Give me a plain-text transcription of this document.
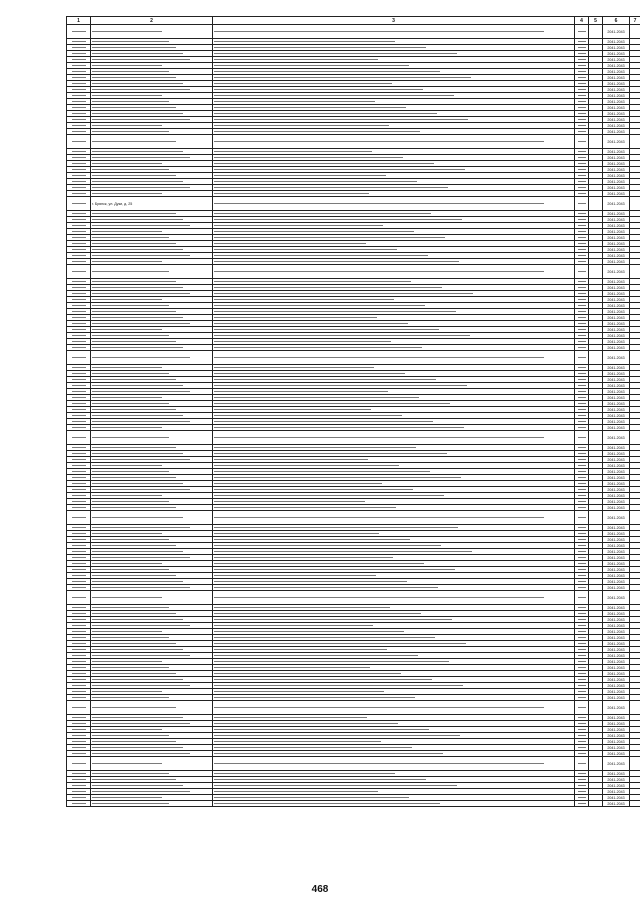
1	2	3	4	5	6	7
					2041-2043	
					2041-2043	
					2041-2043	
					2041-2043	
					2041-2043	
					2041-2043	
					2041-2043	
					2041-2043	
					2041-2043	
					2041-2043	
					2041-2043	
					2041-2043	
					2041-2043	
					2041-2043	
					2041-2043	
					2041-2043	
					2041-2043	
					2041-2043	
					2041-2043	
					2041-2043	
					2041-2043	
					2041-2043	
					2041-2043	
					2041-2043	
					2041-2043	
					2041-2043	
	г. Брянск, ул. Дуки, д. 25				2041-2043	
					2041-2043	
					2041-2043	
					2041-2043	
					2041-2043	
					2041-2043	
					2041-2043	
					2041-2043	
					2041-2043	
					2041-2043	
					2041-2043	
					2041-2043	
					2041-2043	
					2041-2043	
					2041-2043	
					2041-2043	
					2041-2043	
					2041-2043	
					2041-2043	
					2041-2043	
					2041-2043	
					2041-2043	
					2041-2043	
					2041-2043	
					2041-2043	
					2041-2043	
					2041-2043	
					2041-2043	
					2041-2043	
					2041-2043	
					2041-2043	
					2041-2043	
					2041-2043	
					2041-2043	
					2041-2043	
					2041-2043	
					2041-2043	
					2041-2043	
					2041-2043	
					2041-2043	
					2041-2043	
					2041-2043	
					2041-2043	
					2041-2043	
					2041-2043	
					2041-2043	
					2041-2043	
					2041-2043	
					2041-2043	
					2041-2043	
					2041-2043	
					2041-2043	
					2041-2043	
					2041-2043	
					2041-2043	
					2041-2043	
					2041-2043	
					2041-2043	
					2041-2043	
					2041-2043	
					2041-2043	
					2041-2043	
					2041-2043	
					2041-2043	
					2041-2043	
					2041-2043	
					2041-2043	
					2041-2043	
					2041-2043	
					2041-2043	
					2041-2043	
					2041-2043	
					2041-2043	
					2041-2043	
					2041-2043	
					2041-2043	
					2041-2043	
					2041-2043	
					2041-2043	
					2041-2043	
					2041-2043	
					2041-2043	
					2041-2043	
					2041-2043	
					2041-2043	
					2041-2043	
					2041-2043	
					2041-2043	
					2041-2043	
					2041-2043	
					2041-2043	
468
